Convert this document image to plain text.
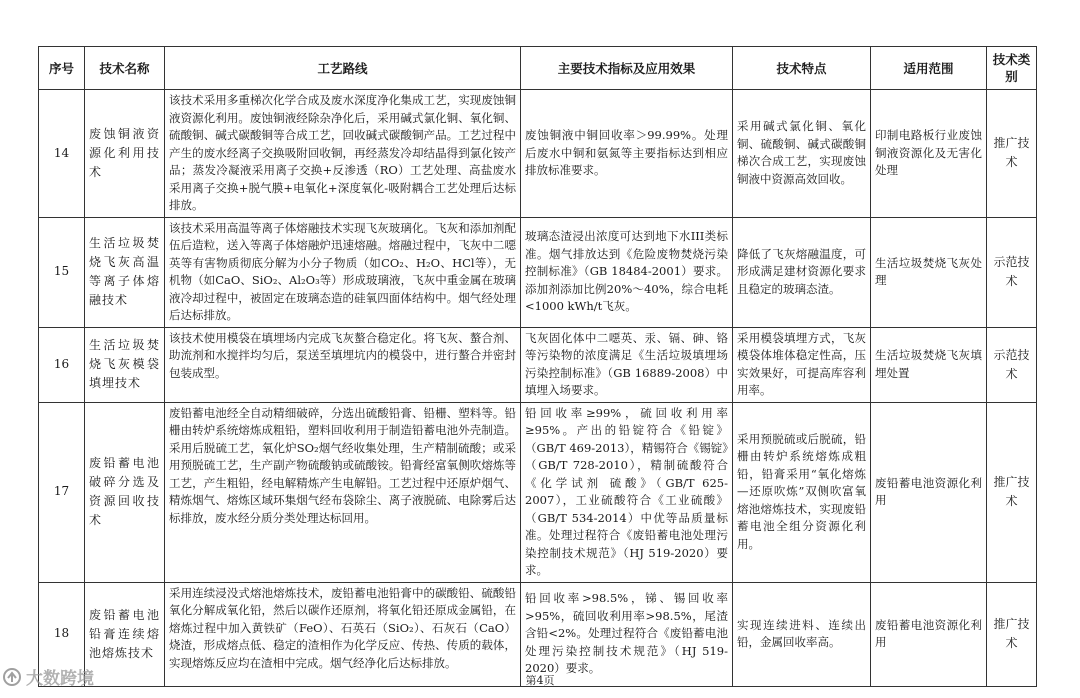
序号	技术名称	工艺路线	主要技术指标及应用效果	技术特点	适用范围	技术类别
14	废蚀铜液资源化利用技术	该技术采用多重梯次化学合成及废水深度净化集成工艺，实现废蚀铜液资源化利用。废蚀铜液经除杂净化后，采用碱式氯化铜、氧化铜、硫酸铜、碱式碳酸铜等合成工艺，回收碱式碳酸铜产品。工艺过程中产生的废水经离子交换吸附回收铜，再经蒸发冷却结晶得到氯化铵产品；蒸发冷凝液采用离子交换+反渗透（RO）工艺处理、高盐废水采用离子交换+脱气膜+电氧化+深度氧化-吸附耦合工艺处理后达标排放。	废蚀铜液中铜回收率＞99.99%。处理后废水中铜和氨氮等主要指标达到相应排放标准要求。	采用碱式氯化铜、氧化铜、硫酸铜、碱式碳酸铜梯次合成工艺，实现废蚀铜液中资源高效回收。	印制电路板行业废蚀铜液资源化及无害化处理	推广技术
15	生活垃圾焚烧飞灰高温等离子体熔融技术	该技术采用高温等离子体熔融技术实现飞灰玻璃化。飞灰和添加剂配伍后造粒，送入等离子体熔融炉迅速熔融。熔融过程中，飞灰中二噁英等有害物质彻底分解为小分子物质（如CO₂、H₂O、HCl等），无机物（如CaO、SiO₂、Al₂O₃等）形成玻璃液，飞灰中重金属在玻璃液冷却过程中，被固定在玻璃态造的硅氧四面体结构中。烟气经处理后达标排放。	玻璃态渣浸出浓度可达到地下水III类标准。烟气排放达到《危险废物焚烧污染控制标准》（GB 18484-2001）要求。添加剂添加比例20%～40%，综合电耗<1000 kWh/t飞灰。	降低了飞灰熔融温度，可形成满足建材资源化要求且稳定的玻璃态渣。	生活垃圾焚烧飞灰处理	示范技术
16	生活垃圾焚烧飞灰模袋填埋技术	该技术使用模袋在填埋场内完成飞灰螯合稳定化。将飞灰、螯合剂、助流剂和水搅拌均匀后，泵送至填埋坑内的模袋中，进行螯合并密封包装成型。	飞灰固化体中二噁英、汞、镉、砷、铬等污染物的浓度满足《生活垃圾填埋场污染控制标准》（GB 16889-2008）中填埋入场要求。	采用模袋填埋方式，飞灰模袋体堆体稳定性高，压实效果好，可提高库容利用率。	生活垃圾焚烧飞灰填埋处置	示范技术
17	废铅蓄电池破碎分选及资源回收技术	废铅蓄电池经全自动精细破碎，分选出硫酸铅膏、铅栅、塑料等。铅栅由转炉系统熔炼成粗铅，塑料回收利用于制造铅蓄电池外壳制造。采用后脱硫工艺，氧化炉SO₂烟气经收集处理，生产精制硫酸；或采用预脱硫工艺，生产副产物硫酸钠或硫酸铵。铅膏经富氧侧吹熔炼等工艺，产生粗铅，经电解精炼产生电解铅。工艺过程中还原炉烟气、精炼烟气、熔炼区域环集烟气经布袋除尘、离子液脱硫、电除雾后达标排放，废水经分质分类处理达标回用。	铅回收率≥99%，硫回收利用率≥95%。产出的铅锭符合《铅锭》（GB/T 469-2013），精锡符合《锡锭》（GB/T 728-2010），精制硫酸符合《化学试剂 硫酸》（GB/T 625-2007），工业硫酸符合《工业硫酸》（GB/T 534-2014）中优等品质量标准。处理过程符合《废铅蓄电池处理污染控制技术规范》（HJ 519-2020）要求。	采用预脱硫或后脱硫，铅栅由转炉系统熔炼成粗铅，铅膏采用“氧化熔炼—还原吹炼”双侧吹富氧熔池熔炼技术，实现废铅蓄电池全组分资源化利用。	废铅蓄电池资源化利用	推广技术
18	废铅蓄电池铅膏连续熔池熔炼技术	采用连续浸没式熔池熔炼技术，废铅蓄电池铅膏中的碳酸铅、硫酸铅氧化分解成氧化铅，然后以碳作还原剂，将氧化铅还原成金属铅，在熔炼过程中加入黄铁矿（FeO）、石英石（SiO₂）、石灰石（CaO）烧渣，形成熔点低、稳定的渣相作为化学反应、传热、传质的载体，实现熔炼反应均在渣相中完成。烟气经净化后达标排放。	铅回收率>98.5%，锑、锡回收率>95%，硫回收利用率>98.5%，尾渣含铅<2%。处理过程符合《废铅蓄电池处理污染控制技术规范》（HJ 519-2020）要求。	实现连续进料、连续出铅，金属回收率高。	废铅蓄电池资源化利用	推广技术
第4页
大数跨境
